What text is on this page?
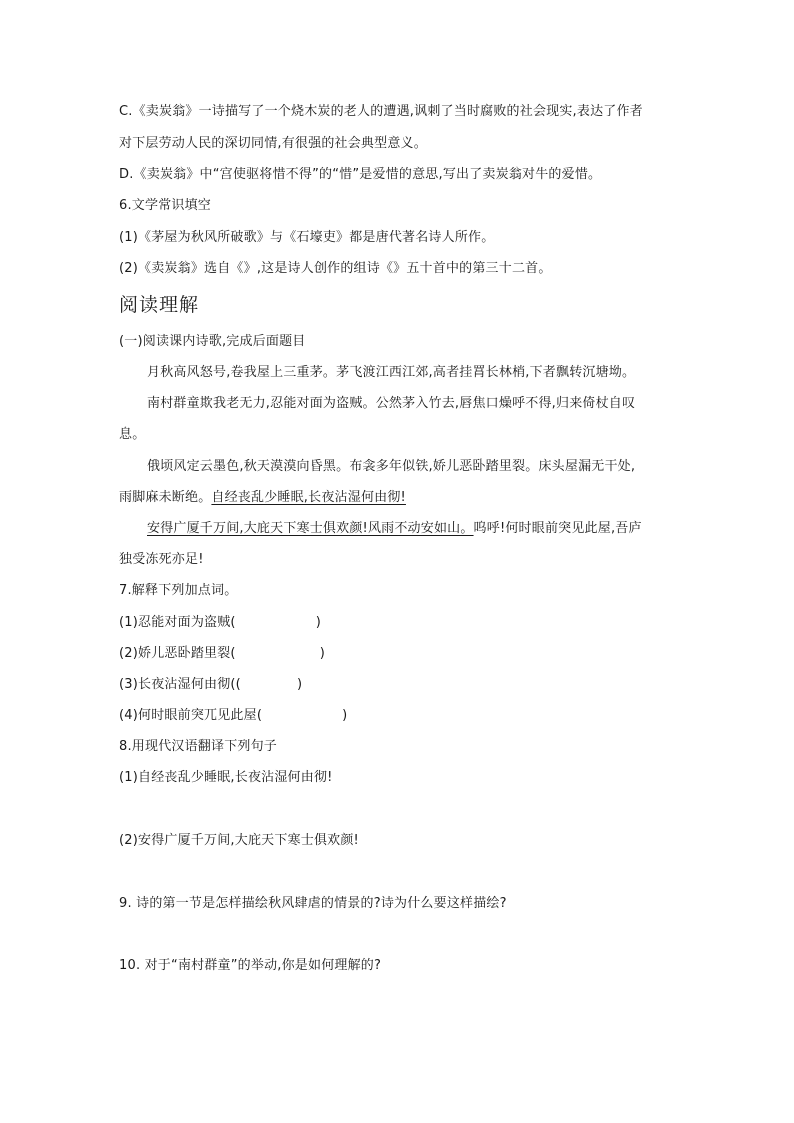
C.《卖炭翁》一诗描写了一个烧木炭的老人的遭遇,讽刺了当时腐败的社会现实,表达了作者
对下层劳动人民的深切同情,有很强的社会典型意义。
D.《卖炭翁》中“宫使驱将惜不得”的“惜”是爱惜的意思,写出了卖炭翁对牛的爱惜。
6.文学常识填空
(1)《茅屋为秋风所破歌》与《石壕吏》都是唐代著名诗人所作。
(2)《卖炭翁》选自《》,这是诗人创作的组诗《》五十首中的第三十二首。
阅读理解
(一)阅读课内诗歌,完成后面题目
月秋高风怒号,卷我屋上三重茅。茅飞渡江西江郊,高者挂罥长林梢,下者飘转沉塘坳。
南村群童欺我老无力,忍能对面为盗贼。公然茅入竹去,唇焦口燥呼不得,归来倚杖自叹
息。
俄顷风定云墨色,秋天漠漠向昏黑。布衾多年似铁,娇儿恶卧踏里裂。床头屋漏无干处,
雨脚麻未断绝。自经丧乱少睡眠,长夜沾湿何由彻!
安得广厦千万间,大庇天下寒士俱欢颜!风雨不动安如山。呜呼!何时眼前突见此屋,吾庐
独受冻死亦足!
7.解释下列加点词。
(1)忍能对面为盗贼(	)
(2)娇儿恶卧踏里裂(	)
(3)长夜沾湿何由彻((	)
(4)何时眼前突兀见此屋(	)
8.用现代汉语翻译下列句子
(1)自经丧乱少睡眠,长夜沾湿何由彻!
(2)安得广厦千万间,大庇天下寒士俱欢颜!
9. 诗的第一节是怎样描绘秋风肆虐的情景的?诗为什么要这样描绘?
10. 对于“南村群童”的举动,你是如何理解的?
